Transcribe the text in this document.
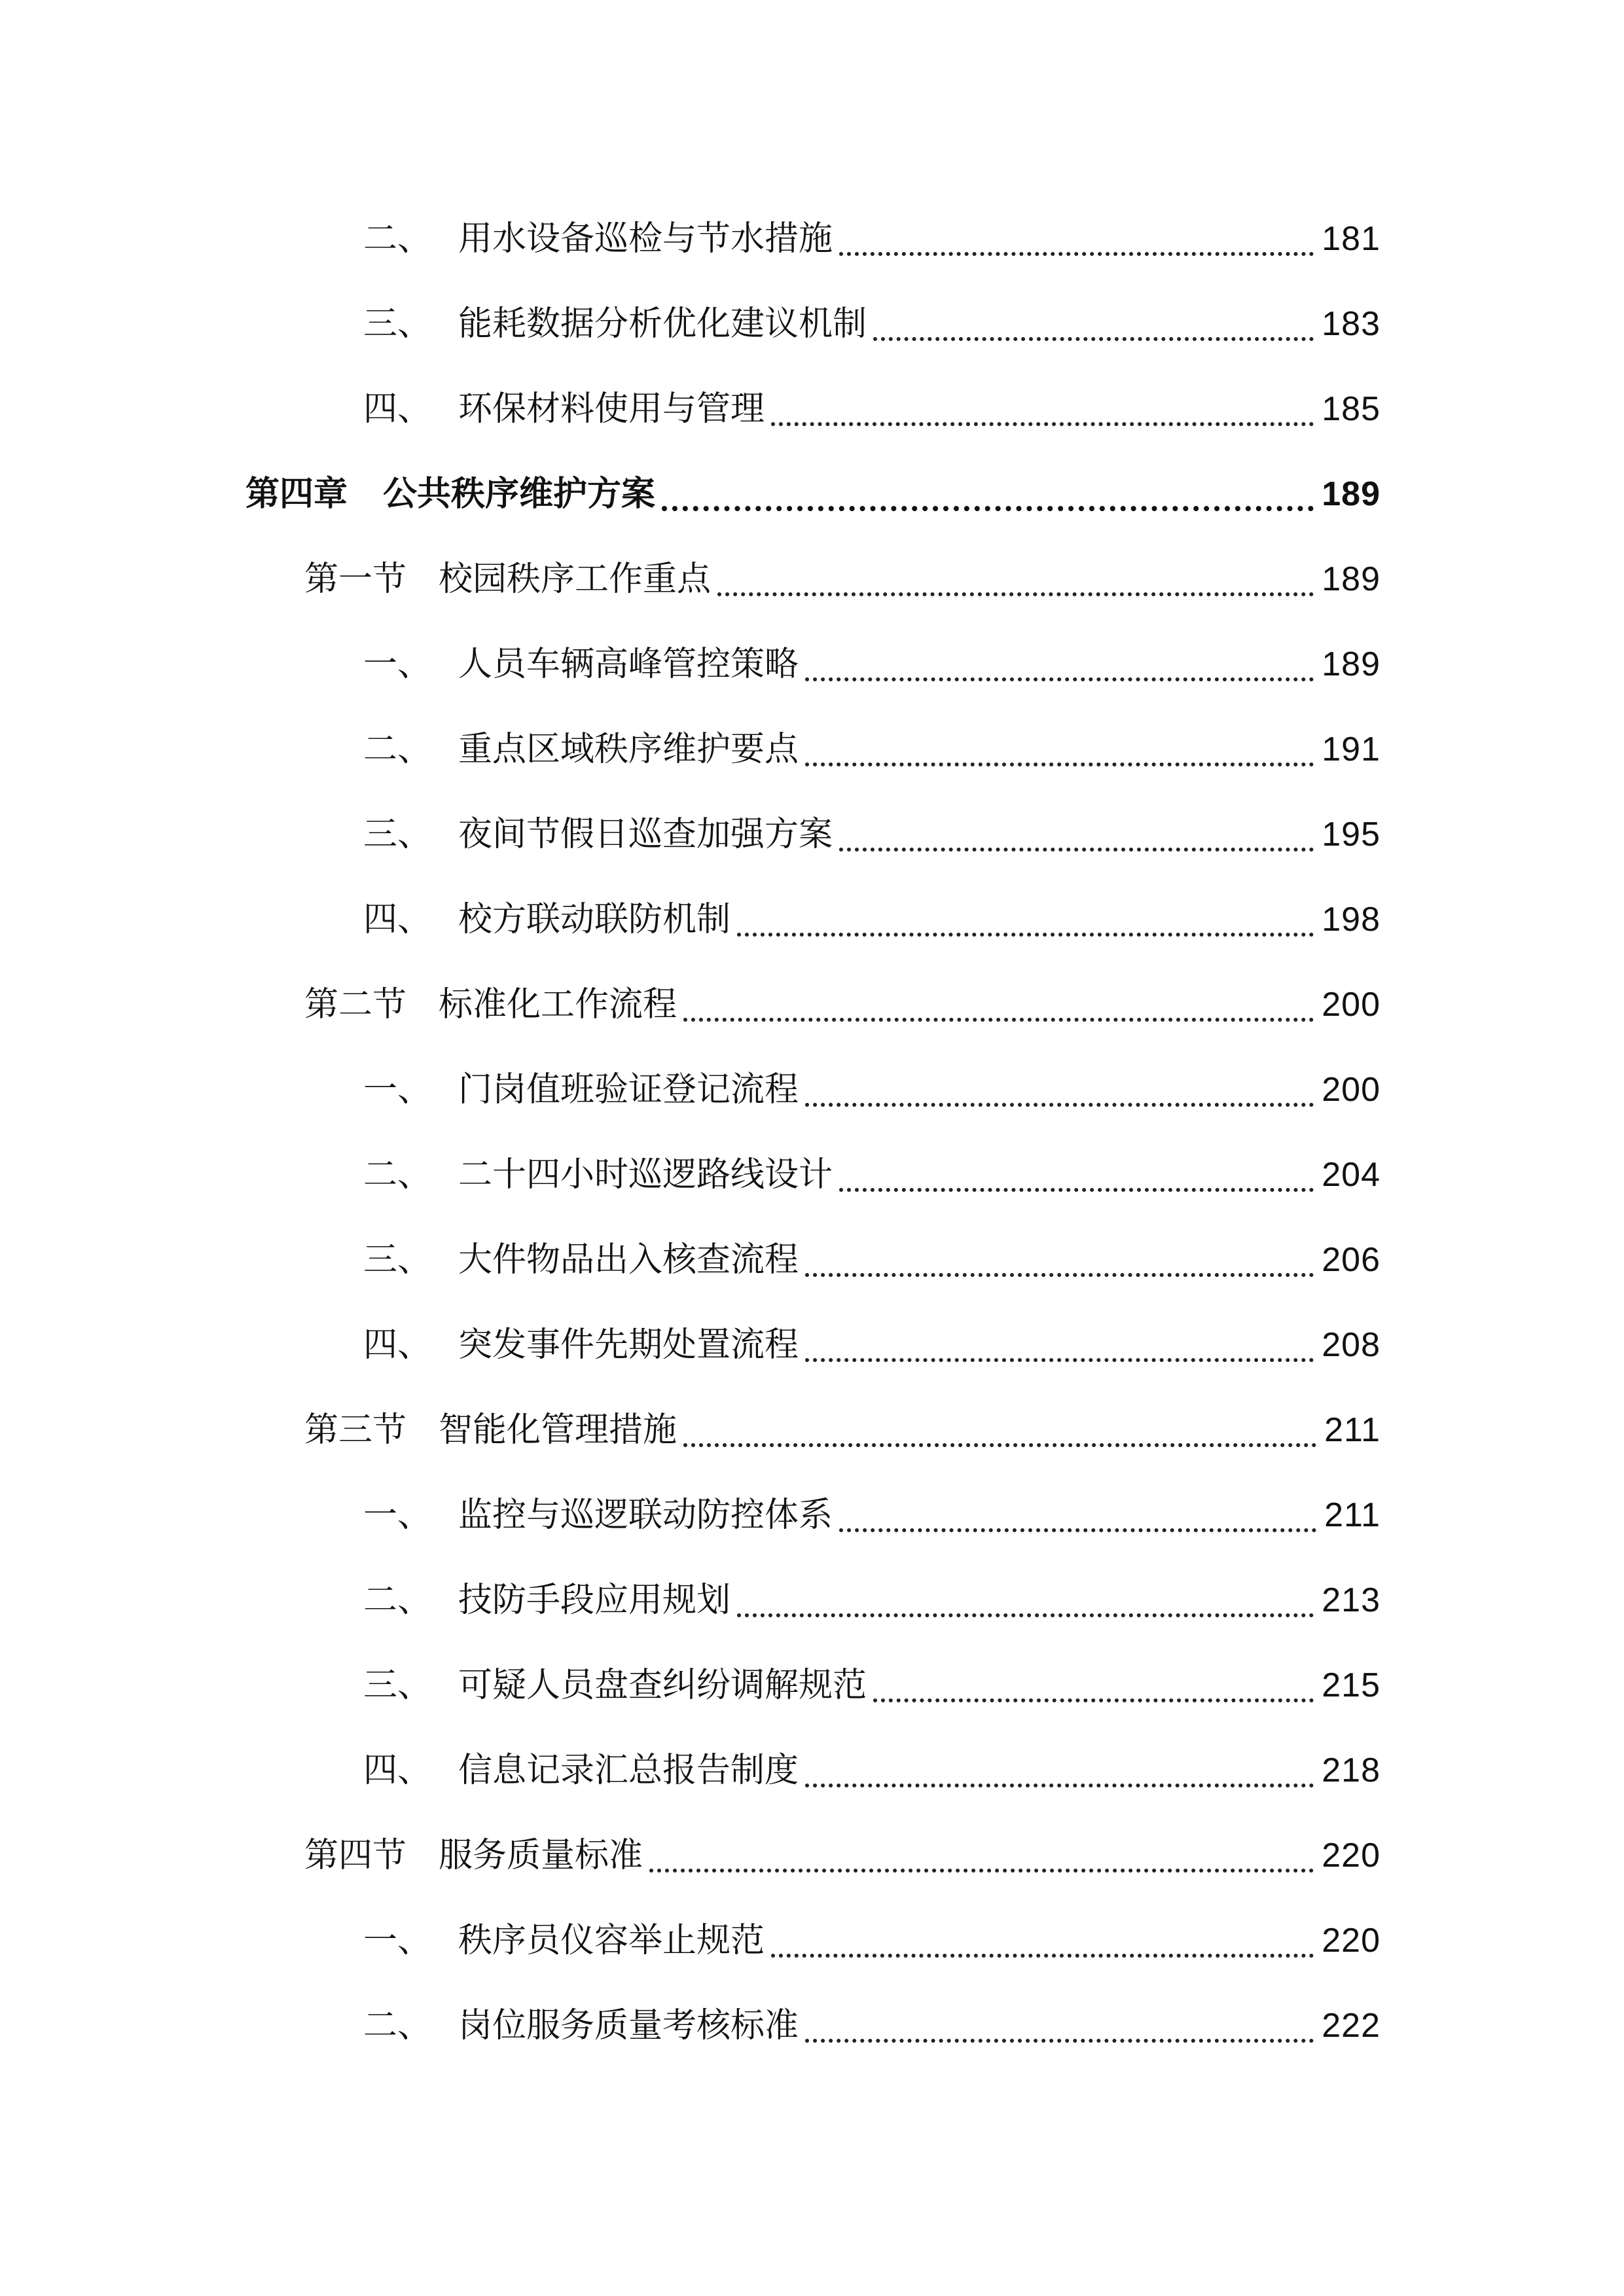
二、 用水设备巡检与节水措施	181
三、 能耗数据分析优化建议机制	183
四、 环保材料使用与管理	185
第四章	公共秩序维护方案	189
第一节 校园秩序工作重点	189
一、 人员车辆高峰管控策略	189
二、 重点区域秩序维护要点	191
三、 夜间节假日巡查加强方案	195
四、 校方联动联防机制	198
第二节 标准化工作流程	200
一、 门岗值班验证登记流程	200
二、 二十四小时巡逻路线设计	204
三、 大件物品出入核查流程	206
四、 突发事件先期处置流程	208
第三节 智能化管理措施	211
一、 监控与巡逻联动防控体系	211
二、 技防手段应用规划	213
三、 可疑人员盘查纠纷调解规范	215
四、 信息记录汇总报告制度	218
第四节 服务质量标准	220
一、 秩序员仪容举止规范	220
二、 岗位服务质量考核标准	222
